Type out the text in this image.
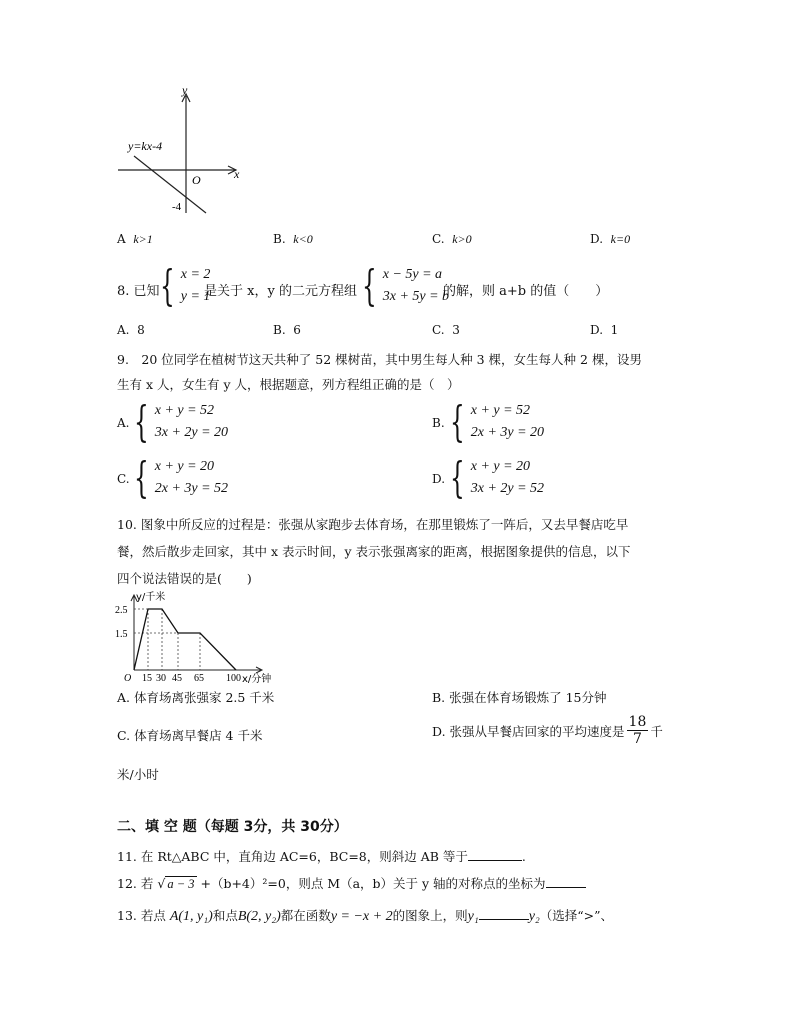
y
x
O
y=kx-4
-4
A k>1	B. k<0	C. k>0	D. k=0
8. 已知 { x = 2
y = 1
是关于 x，y 的二元方程组 { x − 5y = a
3x + 5y = b
的解，则 a+b 的值（　　）
A. 8	B. 6	C. 3	D. 1
9.　20 位同学在植树节这天共种了 52 棵树苗，其中男生每人种 3 棵，女生每人种 2 棵，设男
生有 x 人，女生有 y 人，根据题意，列方程组正确的是（　）
A. { x + y = 52
3x + 2y = 20
B. { x + y = 52
2x + 3y = 20
C. { x + y = 20
2x + 3y = 52
D. { x + y = 20
3x + 2y = 52
10. 图象中所反应的过程是：张强从家跑步去体育场，在那里锻炼了一阵后，又去早餐店吃早
餐，然后散步走回家，其中 x 表示时间，y 表示张强离家的距离，根据图象提供的信息，以下
四个说法错误的是(　　)
y/千米
x/分钟
O
2.5
1.5
15 30 45 65 100
A. 体育场离张强家 2.5 千米	B. 张强在体育场锻炼了 15分钟
C. 体育场离早餐店 4 千米	D. 张强从早餐店回家的平均速度是 $\frac{18}{7}$ 千
米/小时
二、填 空 题（每题 3分，共 30分）
11. 在 Rt△ABC 中，直角边 AC=6，BC=8，则斜边 AB 等于	.
12. 若 √ a − 3 +（b+4）²=0，则点 M（a，b）关于 y 轴的对称点的坐标为
13. 若点 A(1, y₁)和点B(2, y₂)都在函数y = −x + 2的图象上，则y₁	y₂（选择“>”、
